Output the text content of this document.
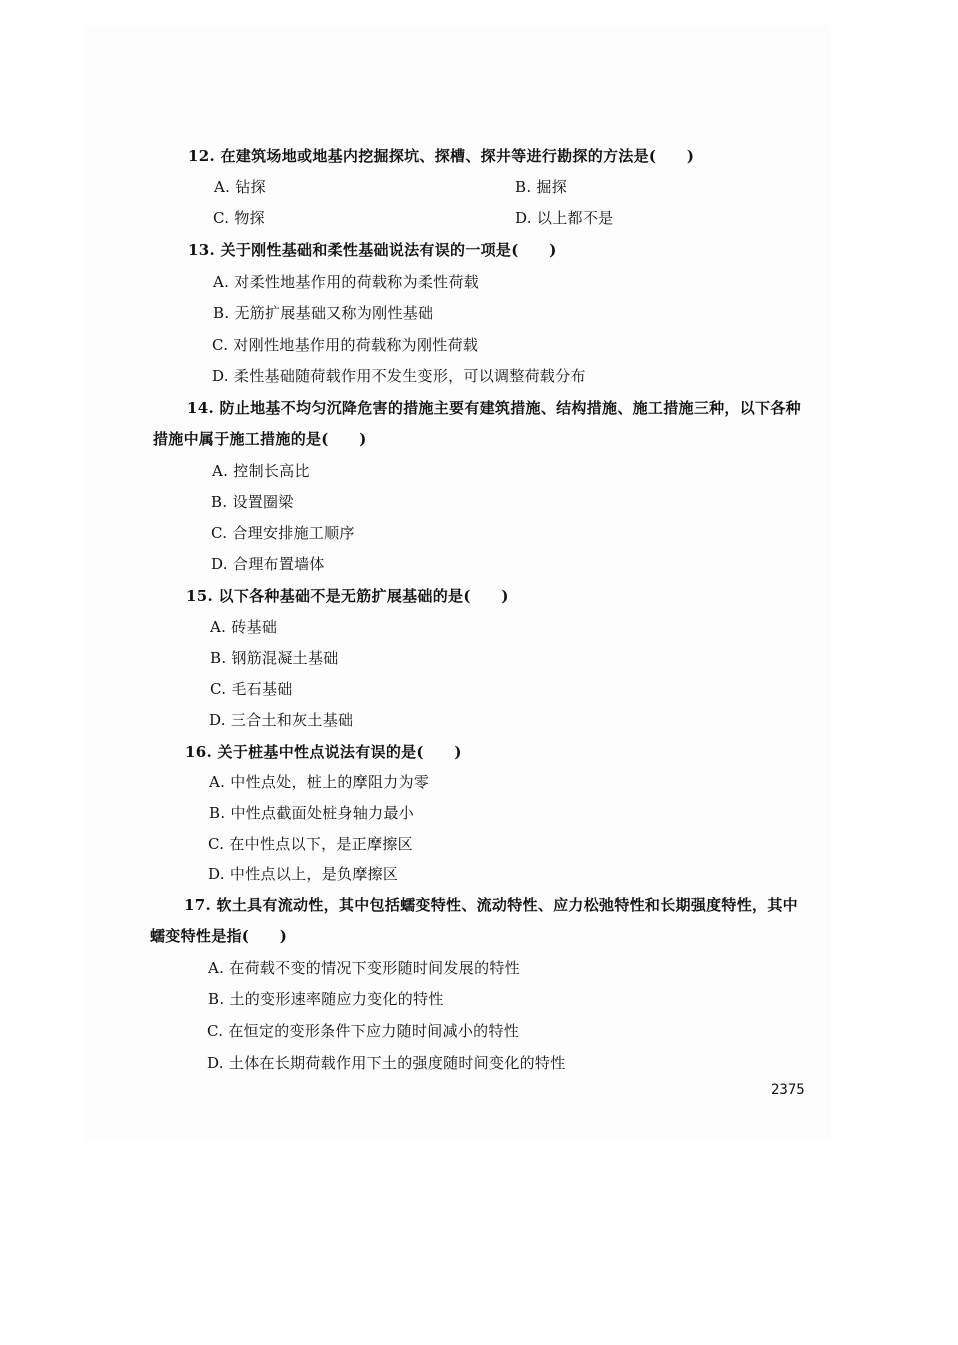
12. 在建筑场地或地基内挖掘探坑、探槽、探井等进行勘探的方法是(　　)
A. 钻探	B. 掘探
C. 物探	D. 以上都不是
13. 关于刚性基础和柔性基础说法有误的一项是(　　)
A. 对柔性地基作用的荷载称为柔性荷载
B. 无筋扩展基础又称为刚性基础
C. 对刚性地基作用的荷载称为刚性荷载
D. 柔性基础随荷载作用不发生变形，可以调整荷载分布
14. 防止地基不均匀沉降危害的措施主要有建筑措施、结构措施、施工措施三种，以下各种
措施中属于施工措施的是(　　)
A. 控制长高比
B. 设置圈梁
C. 合理安排施工顺序
D. 合理布置墙体
15. 以下各种基础不是无筋扩展基础的是(　　)
A. 砖基础
B. 钢筋混凝土基础
C. 毛石基础
D. 三合土和灰土基础
16. 关于桩基中性点说法有误的是(　　)
A. 中性点处，桩上的摩阻力为零
B. 中性点截面处桩身轴力最小
C. 在中性点以下，是正摩擦区
D. 中性点以上，是负摩擦区
17. 软土具有流动性，其中包括蠕变特性、流动特性、应力松弛特性和长期强度特性，其中
蠕变特性是指(　　)
A. 在荷载不变的情况下变形随时间发展的特性
B. 土的变形速率随应力变化的特性
C. 在恒定的变形条件下应力随时间减小的特性
D. 土体在长期荷载作用下土的强度随时间变化的特性
2375
